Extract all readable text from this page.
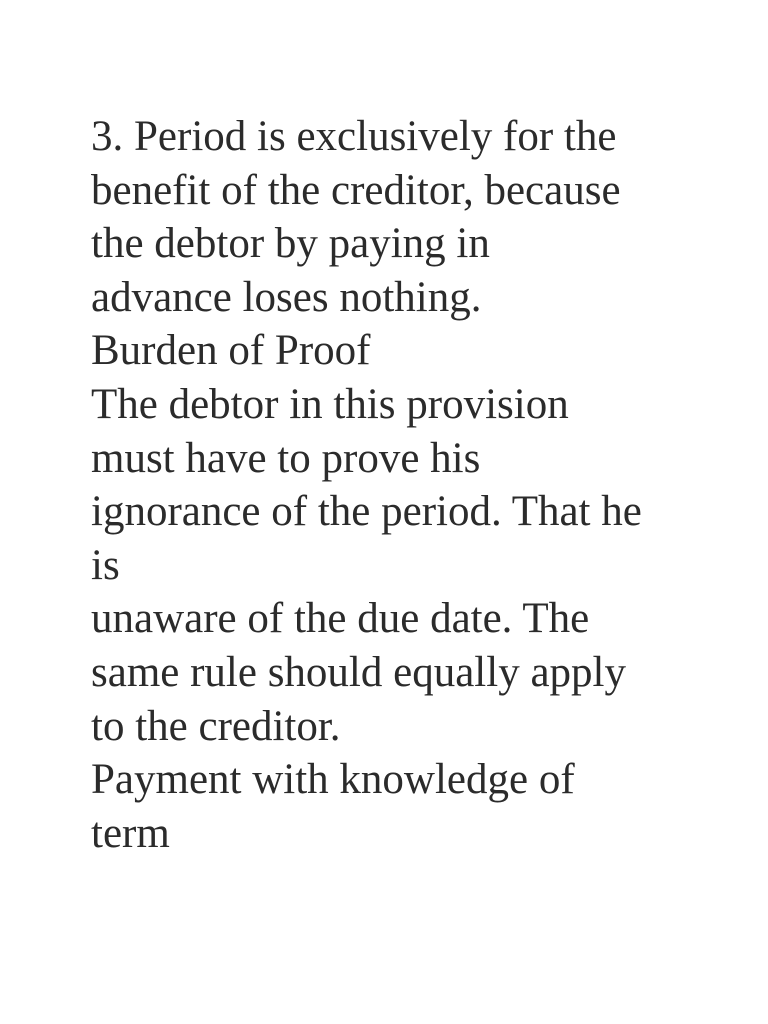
3. Period is exclusively for the
benefit of the creditor, because
the debtor by paying in
advance loses nothing.
Burden of Proof
The debtor in this provision
must have to prove his
ignorance of the period. That he
is
unaware of the due date. The
same rule should equally apply
to the creditor.
Payment with knowledge of
term
